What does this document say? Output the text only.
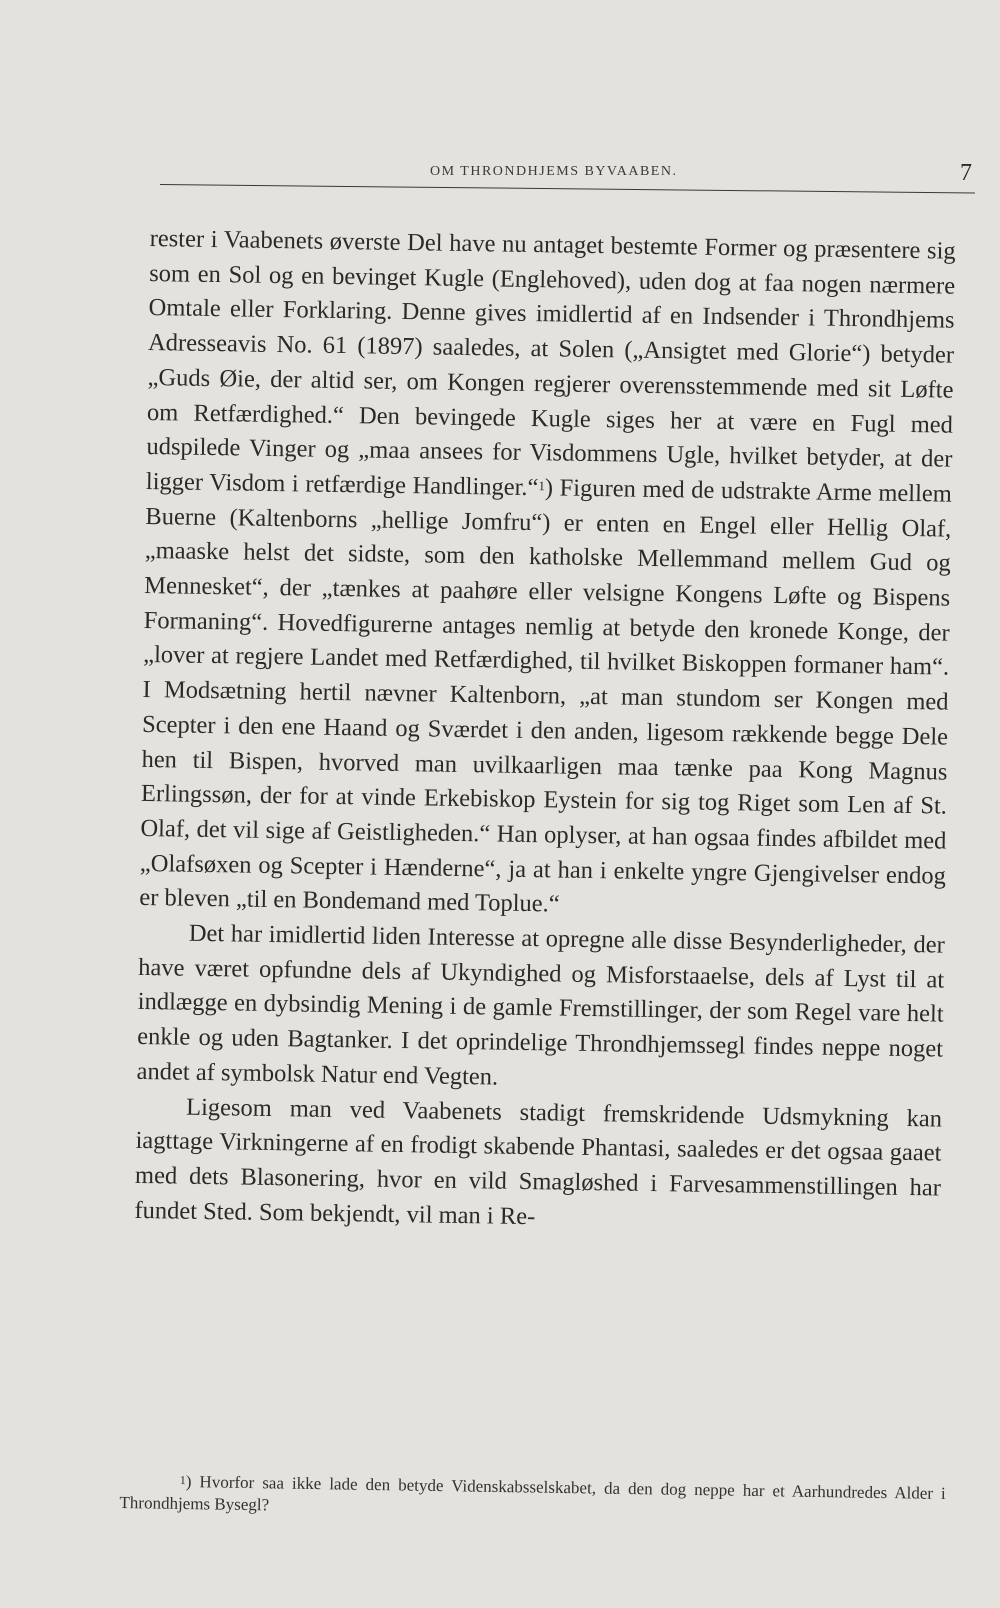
OM THRONDHJEMS BYVAABEN.	7

rester i Vaabenets øverste Del have nu antaget bestemte Former og præsentere sig som en Sol og en bevinget Kugle (Englehoved), uden dog at faa nogen nærmere Omtale eller Forklaring. Denne gives imidlertid af en Indsender i Throndhjems Adresseavis No. 61 (1897) saaledes, at Solen („Ansigtet med Glorie“) betyder „Guds Øie, der altid ser, om Kongen regjerer overensstemmende med sit Løfte om Retfærdighed.“ Den bevingede Kugle siges her at være en Fugl med udspilede Vinger og „maa ansees for Visdommens Ugle, hvilket betyder, at der ligger Visdom i retfærdige Handlinger.“$^1$) Figuren med de udstrakte Arme mellem Buerne (Kaltenborns „hellige Jomfru“) er enten en Engel eller Hellig Olaf, „maaske helst det sidste, som den katholske Mellemmand mellem Gud og Mennesket“, der „tænkes at paahøre eller velsigne Kongens Løfte og Bispens Formaning“. Hovedfigurerne antages nemlig at betyde den kronede Konge, der „lover at regjere Landet med Retfærdighed, til hvilket Biskoppen formaner ham“. I Modsætning hertil nævner Kaltenborn, „at man stundom ser Kongen med Scepter i den ene Haand og Sværdet i den anden, ligesom rækkende begge Dele hen til Bispen, hvorved man uvilkaarligen maa tænke paa Kong Magnus Erlingssøn, der for at vinde Erkebiskop Eystein for sig tog Riget som Len af St. Olaf, det vil sige af Geistligheden.“ Han oplyser, at han ogsaa findes afbildet med „Olafsøxen og Scepter i Hænderne“, ja at han i enkelte yngre Gjengivelser endog er bleven „til en Bondemand med Toplue.“

Det har imidlertid liden Interesse at opregne alle disse Besynderligheder, der have været opfundne dels af Ukyndighed og Misforstaaelse, dels af Lyst til at indlægge en dybsindig Mening i de gamle Fremstillinger, der som Regel vare helt enkle og uden Bagtanker. I det oprindelige Throndhjemssegl findes neppe noget andet af symbolsk Natur end Vegten.

Ligesom man ved Vaabenets stadigt fremskridende Udsmykning kan iagttage Virkningerne af en frodigt skabende Phantasi, saaledes er det ogsaa gaaet med dets Blasonering, hvor en vild Smagløshed i Farvesammenstillingen har fundet Sted. Som bekjendt, vil man i Re-

$^1$) Hvorfor saa ikke lade den betyde Videnskabsselskabet, da den dog neppe har et Aarhundredes Alder i Throndhjems Bysegl?
